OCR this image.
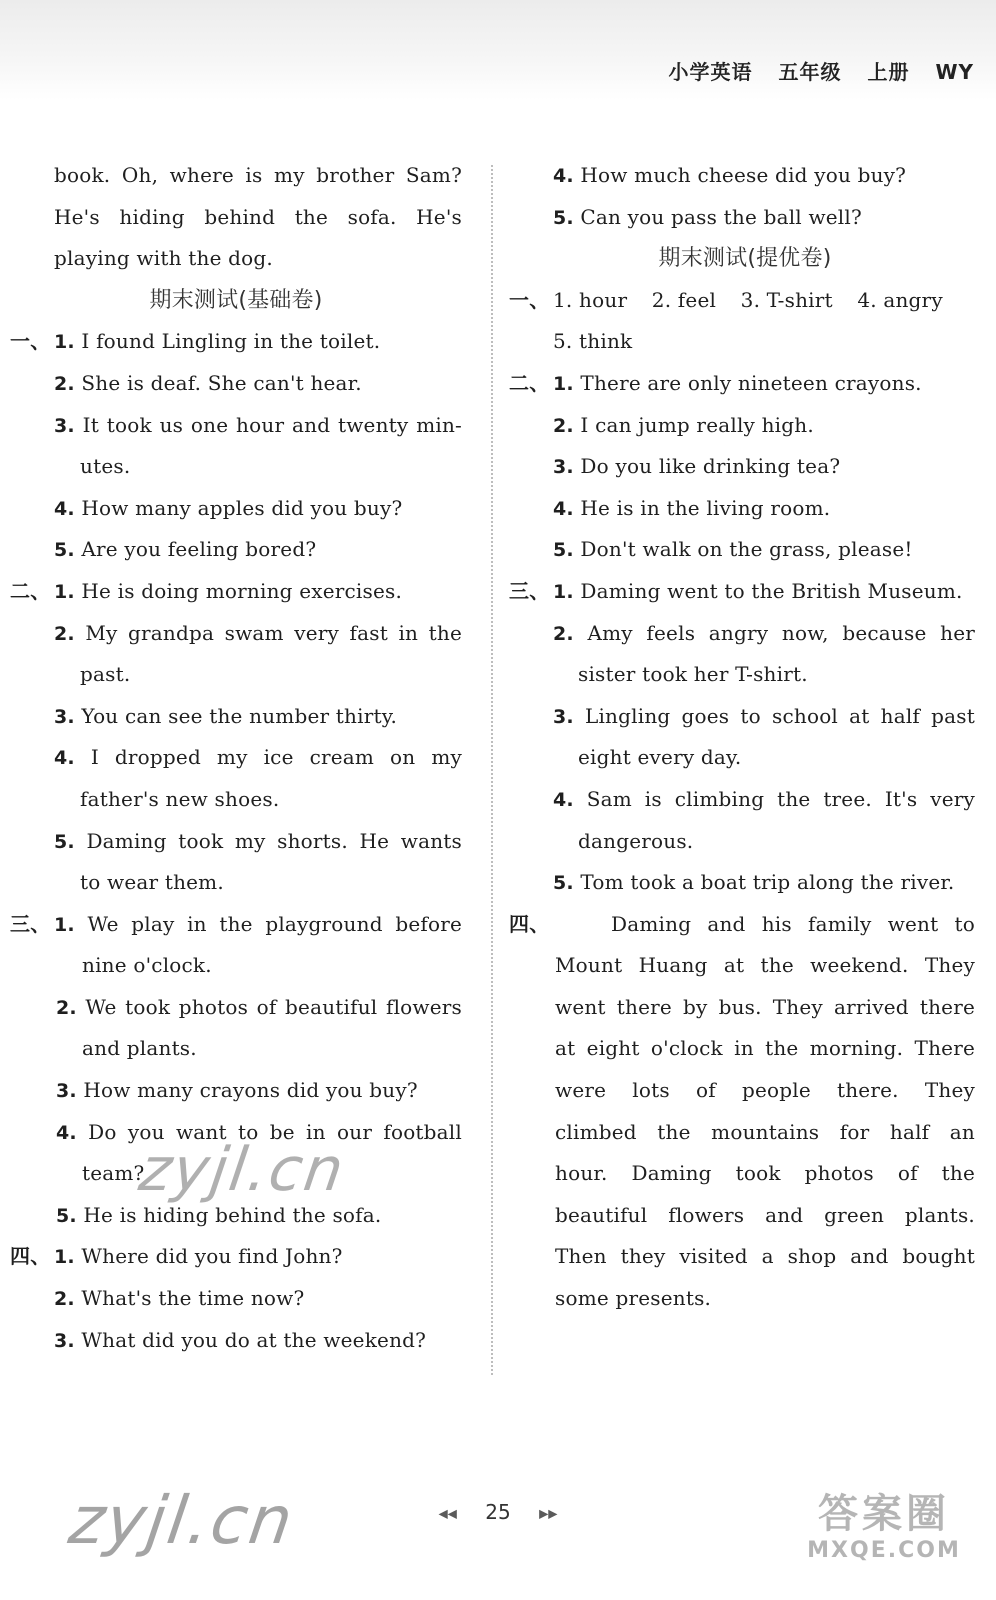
小学英语 五年级 上册 WY
book. Oh, where is my brother Sam?
He's hiding behind the sofa. He's
playing with the dog.
期末测试(基础卷)
一、 1. I found Lingling in the toilet.
2. She is deaf. She can't hear.
3. It took us one hour and twenty min-
utes.
4. How many apples did you buy?
5. Are you feeling bored?
二、 1. He is doing morning exercises.
2. My grandpa swam very fast in the
past.
3. You can see the number thirty.
4. I dropped my ice cream on my
father's new shoes.
5. Daming took my shorts. He wants
to wear them.
三、 1. We play in the playground before
nine o'clock.
2. We took photos of beautiful flowers
and plants.
3. How many crayons did you buy?
4. Do you want to be in our football
team?
5. He is hiding behind the sofa.
四、 1. Where did you find John?
2. What's the time now?
3. What did you do at the weekend?
4. How much cheese did you buy?
5. Can you pass the ball well?
期末测试(提优卷)
一、 1. hour 2. feel 3. T-shirt 4. angry
5. think
二、 1. There are only nineteen crayons.
2. I can jump really high.
3. Do you like drinking tea?
4. He is in the living room.
5. Don't walk on the grass, please!
三、 1. Daming went to the British Museum.
2. Amy feels angry now, because her
sister took her T-shirt.
3. Lingling goes to school at half past
eight every day.
4. Sam is climbing the tree. It's very
dangerous.
5. Tom took a boat trip along the river.
四、	Daming and his family went to
Mount Huang at the weekend. They
went there by bus. They arrived there
at eight o'clock in the morning. There
were lots of people there. They
climbed the mountains for half an
hour. Daming took photos of the
beautiful flowers and green plants.
Then they visited a shop and bought
some presents.
zyjl.cn
zyjl.cn	◀◀ 25 ▶▶	答案圈
MXQE.COM
